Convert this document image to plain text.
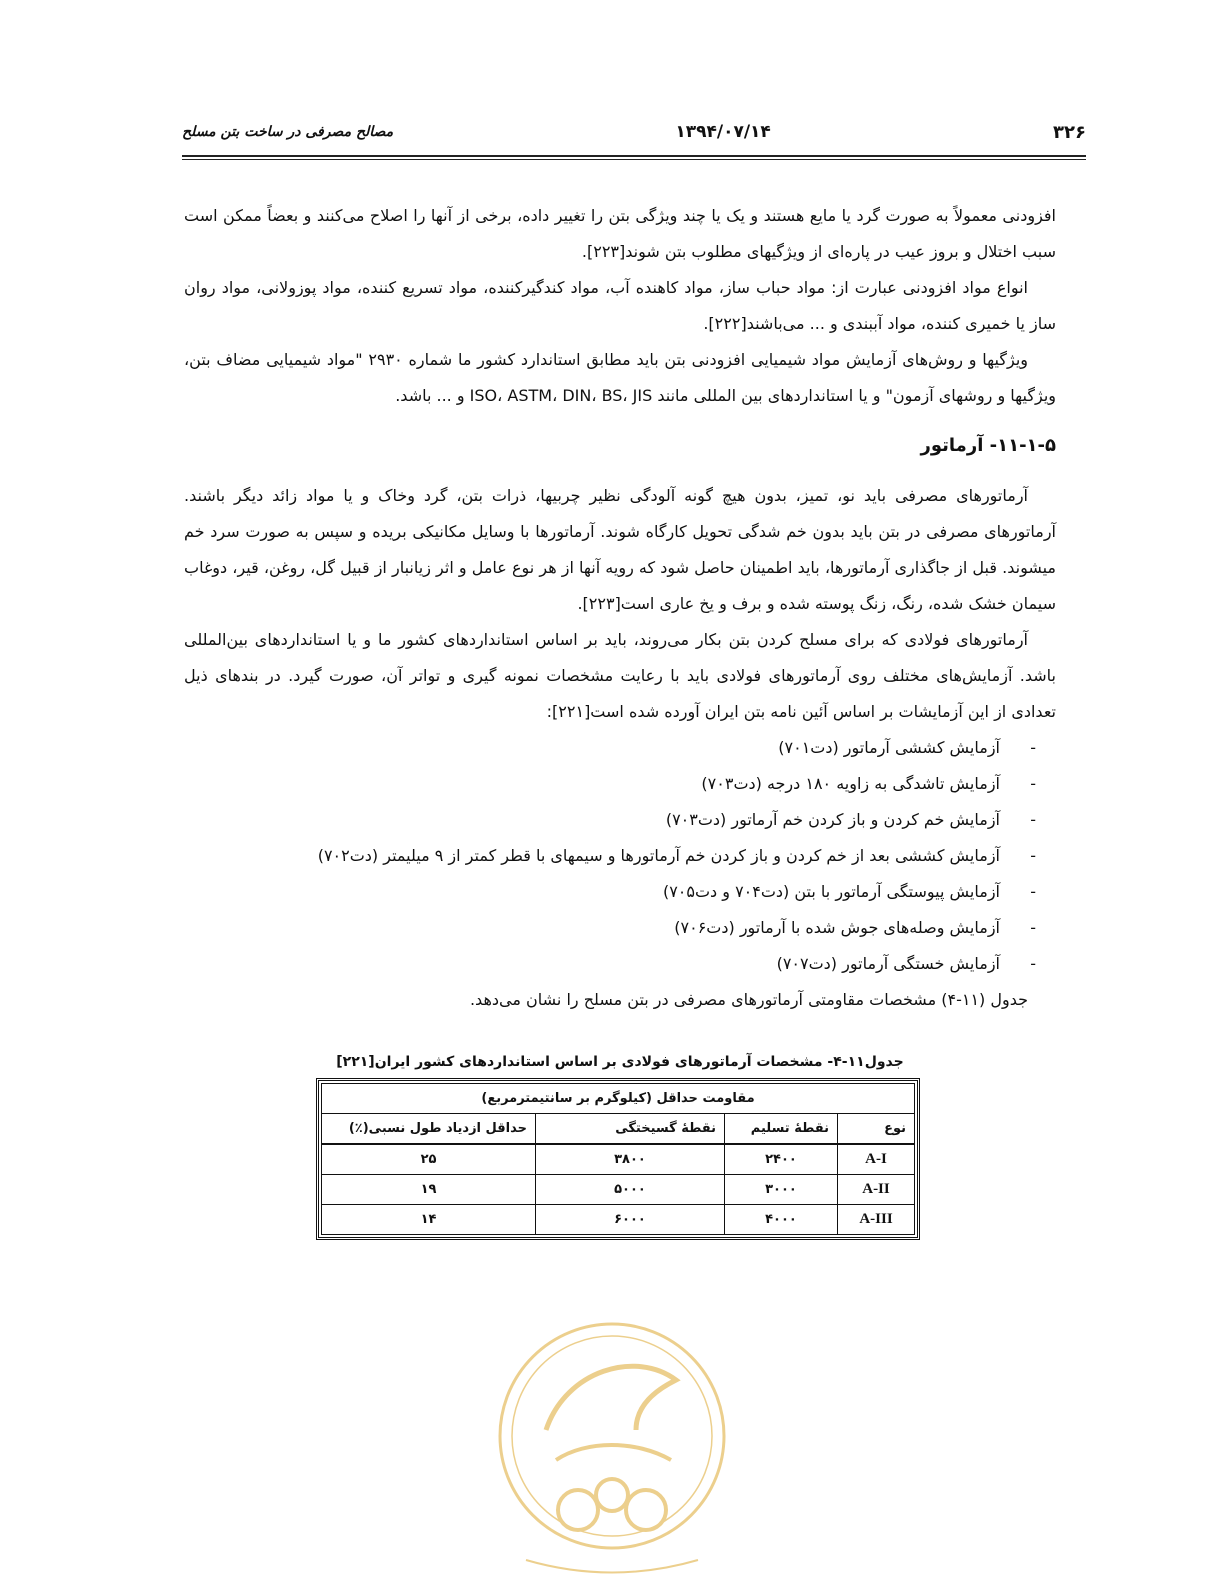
۳۲۶
۱۳۹۴/۰۷/۱۴
مصالح مصرفی در ساخت بتن مسلح

افزودنی معمولاً به صورت گرد یا مایع هستند و یک یا چند ویژگی بتن را تغییر داده، برخی از آنها را اصلاح می‌کنند و بعضاً ممکن است سبب اختلال و بروز عیب در پاره‌ای از ویژگیهای مطلوب بتن شوند[۲۲۳].

انواع مواد افزودنی عبارت از: مواد حباب ساز، مواد کاهنده آب، مواد کندگیرکننده، مواد تسریع کننده، مواد پوزولانی، مواد روان ساز یا خمیری کننده، مواد آببندی و ... می‌باشند[۲۲۲].

ویژگیها و روش‌های آزمایش مواد شیمیایی افزودنی بتن باید مطابق استاندارد کشور ما شماره ۲۹۳۰ "مواد شیمیایی مضاف بتن، ویژگیها و روشهای آزمون" و یا استانداردهای بین المللی مانند ISO، ASTM، DIN، BS، JIS و ... باشد.

۱۱-۱-۵- آرماتور

آرماتورهای مصرفی باید نو، تمیز، بدون هیچ گونه آلودگی نظیر چربیها، ذرات بتن، گرد وخاک و یا مواد زائد دیگر باشند. آرماتورهای مصرفی در بتن باید بدون خم شدگی تحویل کارگاه شوند. آرماتورها با وسایل مکانیکی بریده و سپس به صورت سرد خم میشوند. قبل از جاگذاری آرماتورها، باید اطمینان حاصل شود که رویه آنها از هر نوع عامل و اثر زیانبار از قبیل گل، روغن، قیر، دوغاب سیمان خشک شده، رنگ، زنگ پوسته شده و برف و یخ عاری است[۲۲۳].

آرماتورهای فولادی که برای مسلح کردن بتن بکار می‌روند، باید بر اساس استانداردهای کشور ما و یا استانداردهای بین‌المللی باشد. آزمایش‌های مختلف روی آرماتورهای فولادی باید با رعایت مشخصات نمونه گیری و تواتر آن، صورت گیرد. در بندهای ذیل تعدادی از این آزمایشات بر اساس آئین نامه بتن ایران آورده شده است[۲۲۱]:

-
آزمایش کششی آرماتور (دت۷۰۱)
-
آزمایش تاشدگی به زاویه ۱۸۰ درجه (دت۷۰۳)
-
آزمایش خم کردن و باز کردن خم آرماتور (دت۷۰۳)
-
آزمایش کششی بعد از خم کردن و باز کردن خم آرماتورها و سیمهای با قطر کمتر از ۹ میلیمتر (دت۷۰۲)
-
آزمایش پیوستگی آرماتور با بتن (دت۷۰۴ و دت۷۰۵)
-
آزمایش وصله‌های جوش شده با آرماتور (دت۷۰۶)
-
آزمایش خستگی آرماتور (دت۷۰۷)

جدول (۱۱-۴) مشخصات مقاومتی آرماتورهای مصرفی در بتن مسلح را نشان می‌دهد.

جدول۱۱-۴- مشخصات آرماتورهای فولادی بر اساس استانداردهای کشور ایران[۲۲۱]
مقاومت حداقل (کیلوگرم بر سانتیمترمربع)			
نوع	نقطهٔ تسلیم	نقطهٔ گسیختگی	حداقل ازدیاد طول نسبی(٪)
A-I	۲۴۰۰	۳۸۰۰	۲۵
A-II	۳۰۰۰	۵۰۰۰	۱۹
A-III	۴۰۰۰	۶۰۰۰	۱۴
